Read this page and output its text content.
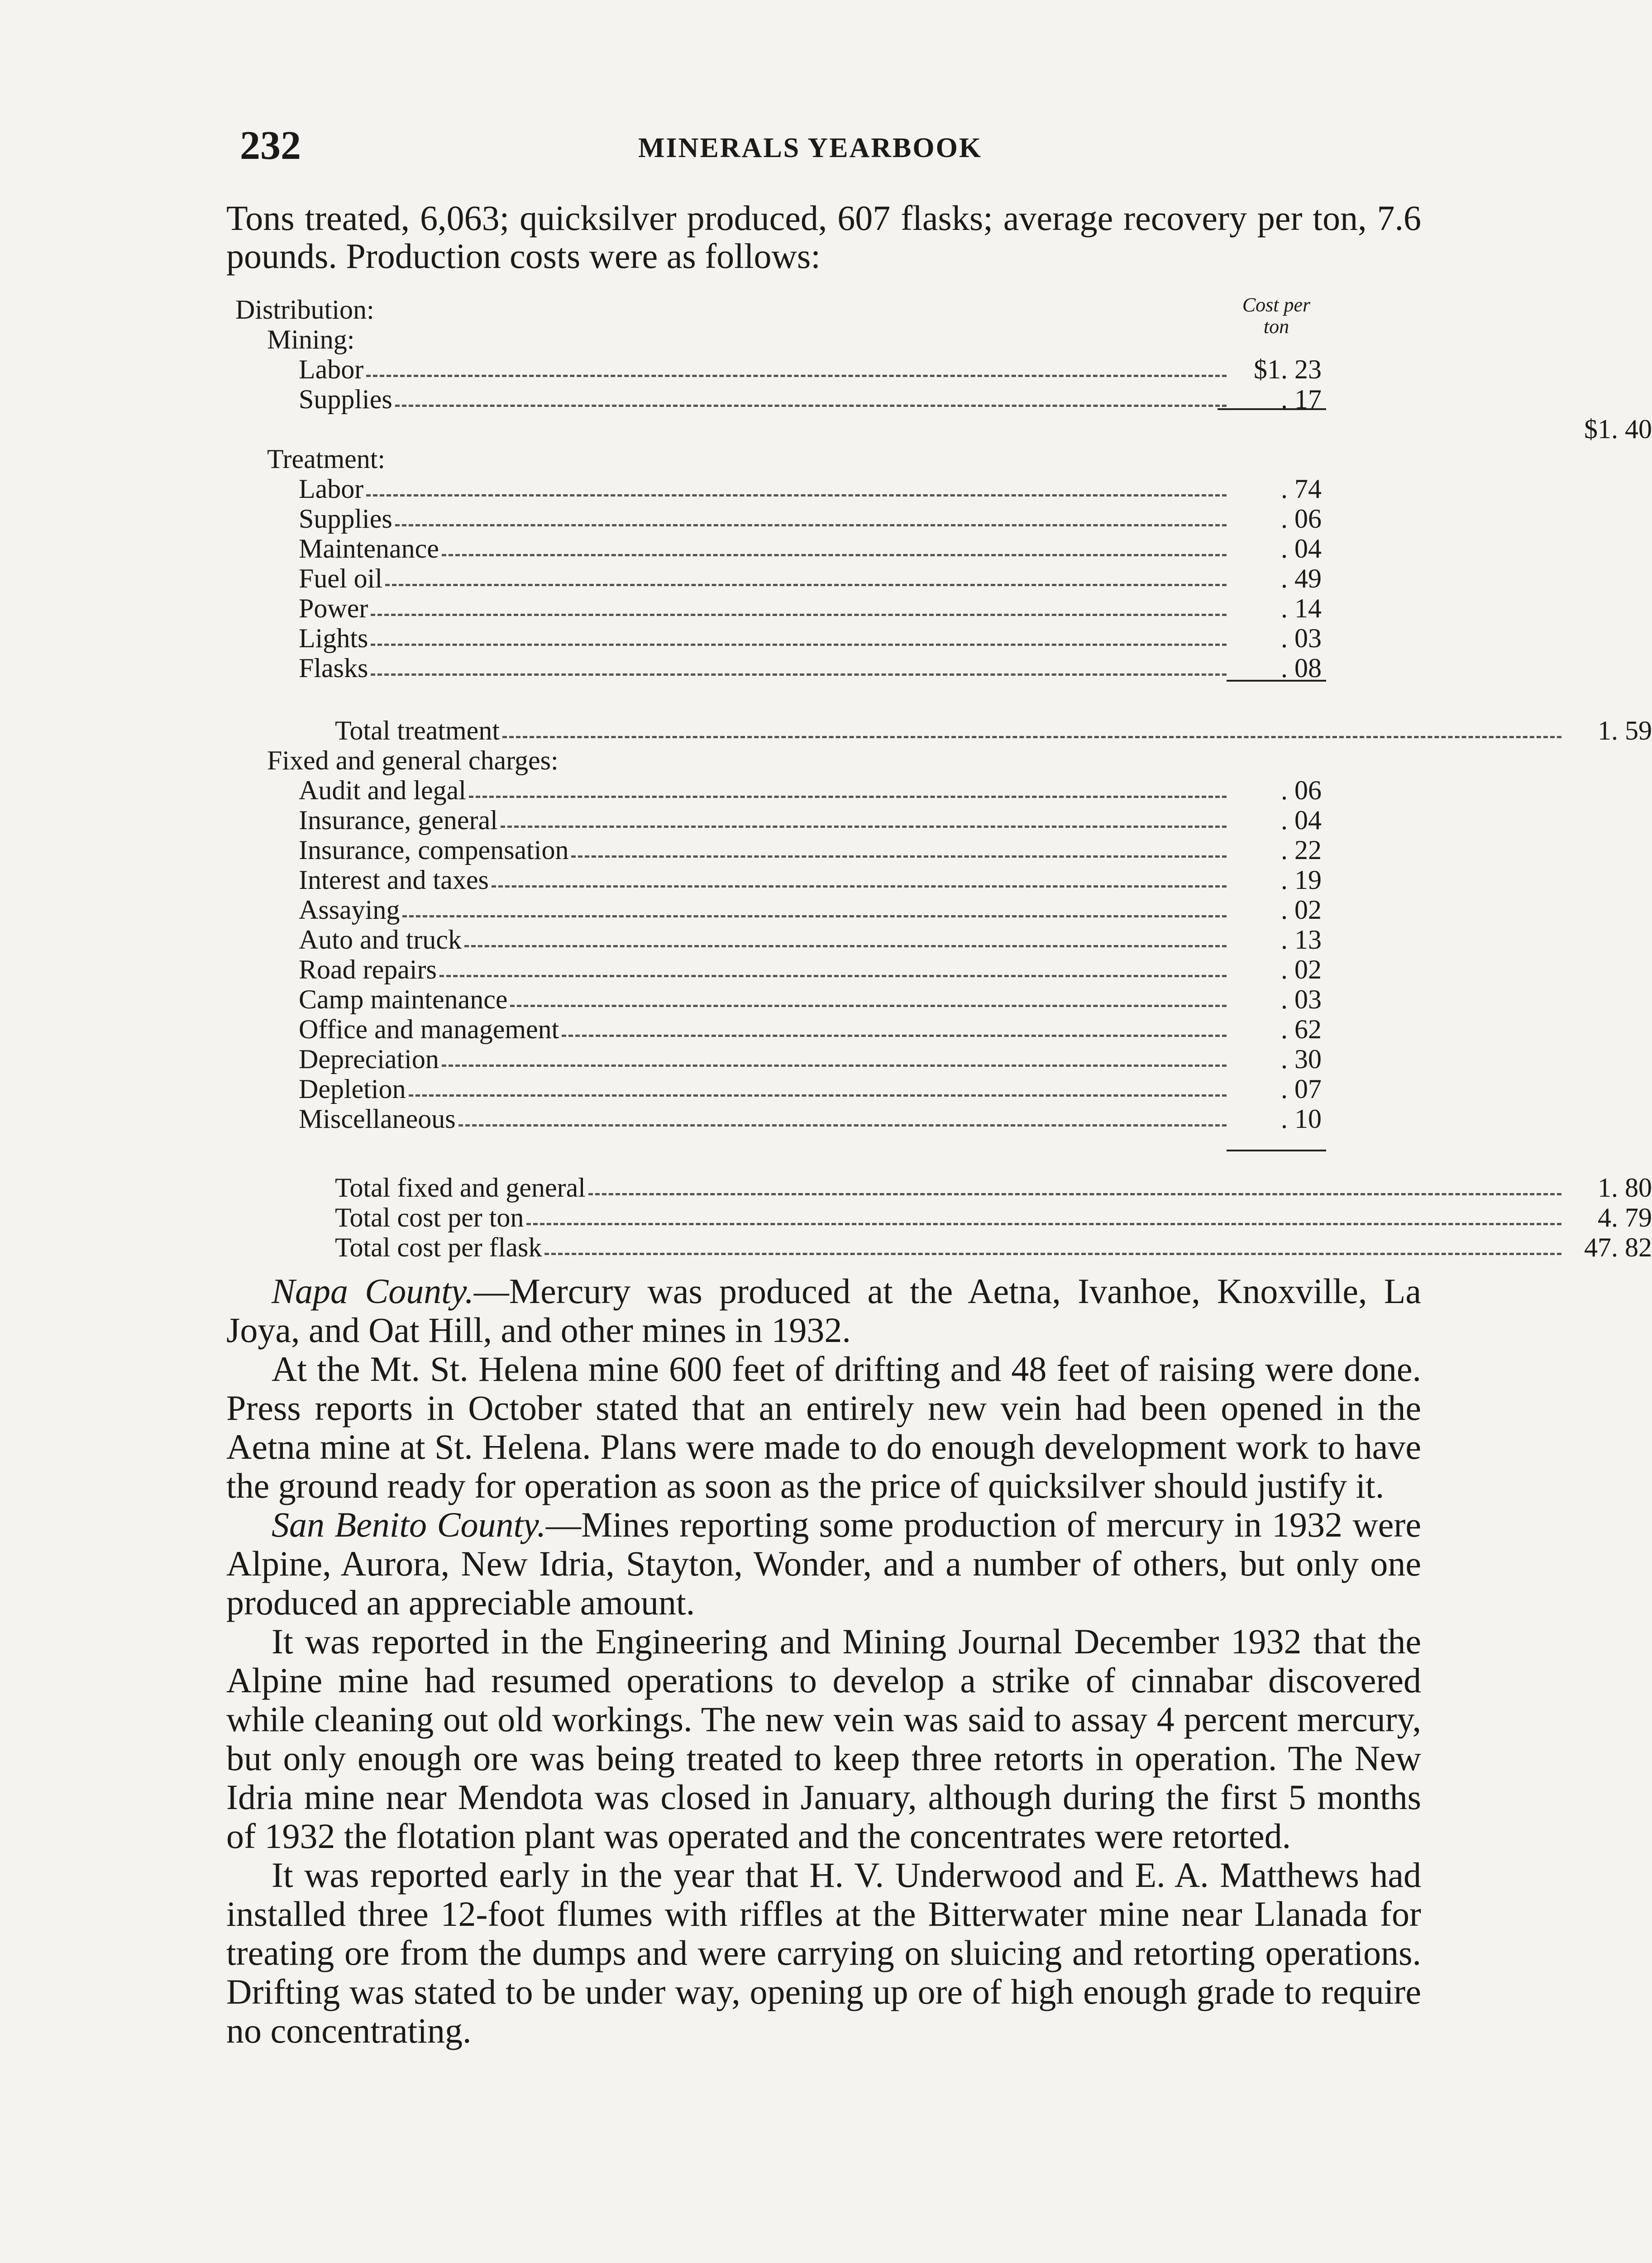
232	MINERALS YEARBOOK
Tons treated, 6,063; quicksilver produced, 607 flasks; average recovery per ton, 7.6 pounds. Production costs were as follows:
Cost per ton
Distribution:
Mining:
Labor	$1. 23
Supplies	. 17
$1. 40
Treatment:
Labor	. 74
Supplies	. 06
Maintenance	. 04
Fuel oil	. 49
Power	. 14
Lights	. 03
Flasks	. 08
Total treatment	1. 59
Fixed and general charges:
Audit and legal	. 06
Insurance, general	. 04
Insurance, compensation	. 22
Interest and taxes	. 19
Assaying	. 02
Auto and truck	. 13
Road repairs	. 02
Camp maintenance	. 03
Office and management	. 62
Depreciation	. 30
Depletion	. 07
Miscellaneous	. 10
Total fixed and general	1. 80
Total cost per ton	4. 79
Total cost per flask	47. 82

Napa County.—Mercury was produced at the Aetna, Ivanhoe, Knoxville, La Joya, and Oat Hill, and other mines in 1932.

At the Mt. St. Helena mine 600 feet of drifting and 48 feet of raising were done. Press reports in October stated that an entirely new vein had been opened in the Aetna mine at St. Helena. Plans were made to do enough development work to have the ground ready for operation as soon as the price of quicksilver should justify it.

San Benito County.—Mines reporting some production of mercury in 1932 were Alpine, Aurora, New Idria, Stayton, Wonder, and a number of others, but only one produced an appreciable amount.

It was reported in the Engineering and Mining Journal December 1932 that the Alpine mine had resumed operations to develop a strike of cinnabar discovered while cleaning out old workings. The new vein was said to assay 4 percent mercury, but only enough ore was being treated to keep three retorts in operation. The New Idria mine near Mendota was closed in January, although during the first 5 months of 1932 the flotation plant was operated and the concentrates were retorted.

It was reported early in the year that H. V. Underwood and E. A. Matthews had installed three 12-foot flumes with riffles at the Bitterwater mine near Llanada for treating ore from the dumps and were carrying on sluicing and retorting operations. Drifting was stated to be under way, opening up ore of high enough grade to require no concentrating.
